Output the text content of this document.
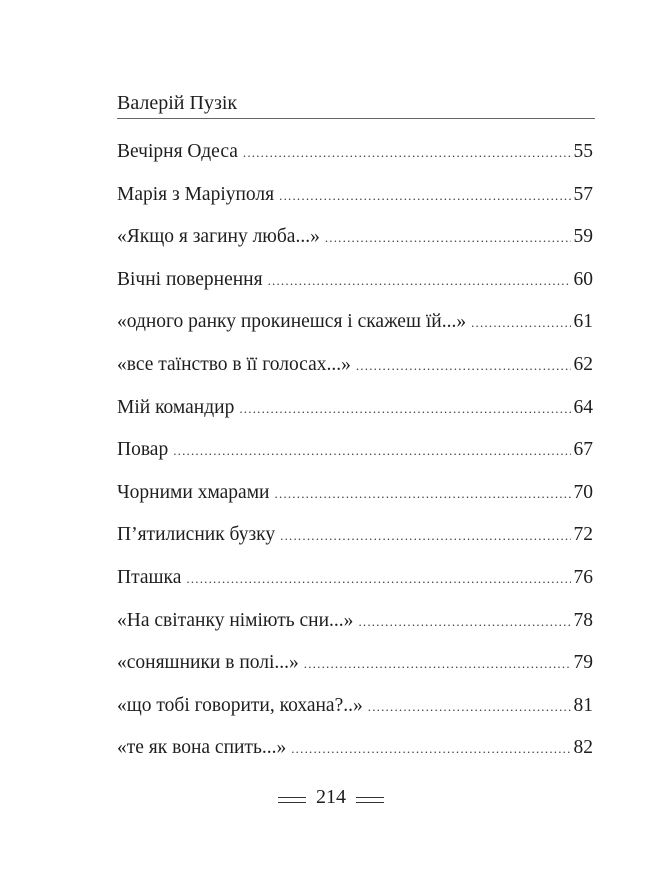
Валерій Пузік
Вечірня Одеса .....	55
Марія з Маріуполя .....	57
«Якщо я загину люба...» .....	59
Вічні повернення .....	60
«одного ранку прокинешся і скажеш їй...» .....	61
«все таїнство в її голосах...» .....	62
Мій командир .....	64
Повар .....	67
Чорними хмарами .....	70
П’ятилисник бузку .....	72
Пташка .....	76
«На світанку німіють сни...» .....	78
«соняшники в полі...» .....	79
«що тобі говорити, кохана?..» .....	81
«те як вона спить...» .....	82
214
